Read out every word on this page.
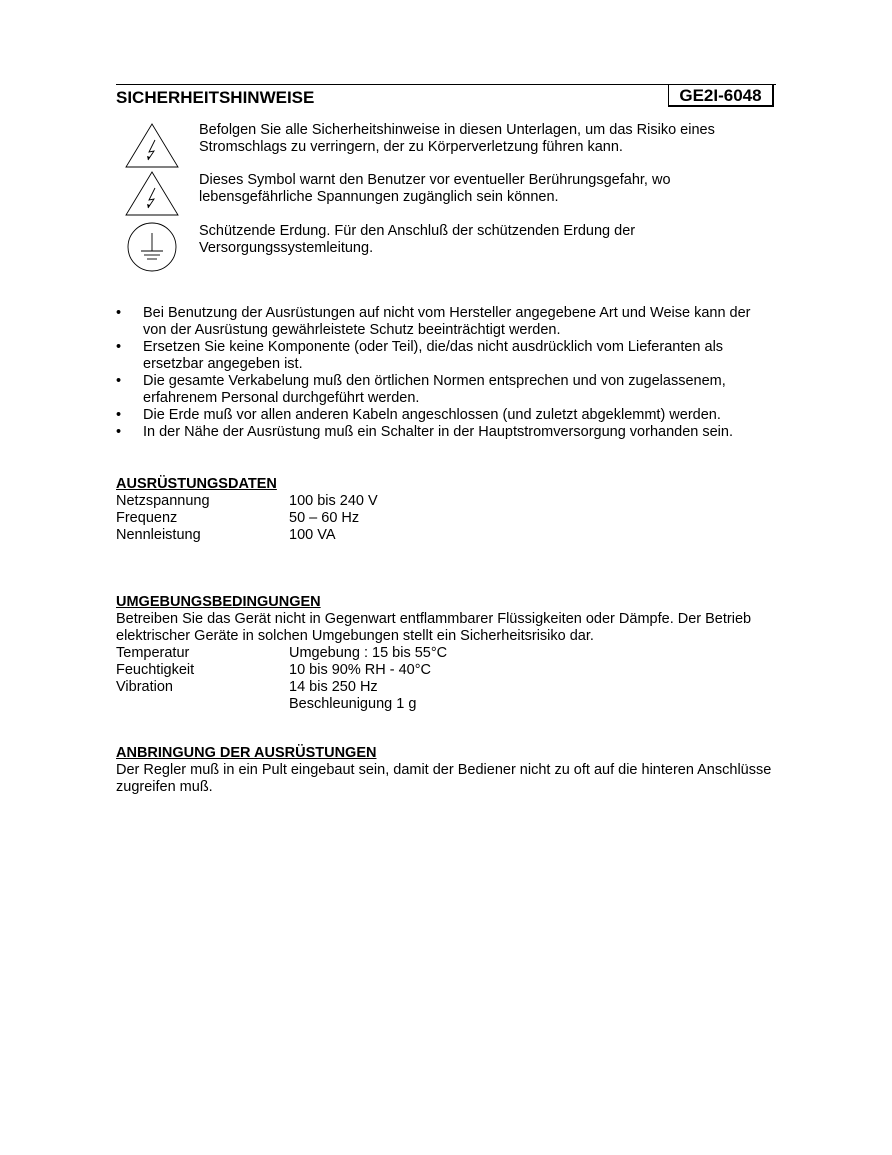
SICHERHEITSHINWEISE	GE2I-6048
Befolgen Sie alle Sicherheitshinweise in diesen Unterlagen, um das Risiko eines Stromschlags zu verringern, der zu Körperverletzung führen kann.
Dieses Symbol warnt den Benutzer vor eventueller Berührungsgefahr, wo lebensgefährliche Spannungen zugänglich sein können.
Schützende Erdung. Für den Anschluß der schützenden Erdung der Versorgungssystemleitung.
• Bei Benutzung der Ausrüstungen auf nicht vom Hersteller angegebene Art und Weise kann der von der Ausrüstung gewährleistete Schutz beeinträchtigt werden.
• Ersetzen Sie keine Komponente (oder Teil), die/das nicht ausdrücklich vom Lieferanten als ersetzbar angegeben ist.
• Die gesamte Verkabelung muß den örtlichen Normen entsprechen und von zugelassenem, erfahrenem Personal durchgeführt werden.
• Die Erde muß vor allen anderen Kabeln angeschlossen (und zuletzt abgeklemmt) werden.
• In der Nähe der Ausrüstung muß ein Schalter in der Hauptstromversorgung vorhanden sein.
AUSRÜSTUNGSDATEN
Netzspannung	100 bis 240 V
Frequenz	50 – 60 Hz
Nennleistung	100 VA
UMGEBUNGSBEDINGUNGEN
Betreiben Sie das Gerät nicht in Gegenwart entflammbarer Flüssigkeiten oder Dämpfe. Der Betrieb elektrischer Geräte in solchen Umgebungen stellt ein Sicherheitsrisiko dar.
Temperatur	Umgebung : 15 bis 55°C
Feuchtigkeit	10 bis 90% RH - 40°C
Vibration	14 bis 250 Hz
Beschleunigung 1 g
ANBRINGUNG DER AUSRÜSTUNGEN
Der Regler muß in ein Pult eingebaut sein, damit der Bediener nicht zu oft auf die hinteren Anschlüsse zugreifen muß.
